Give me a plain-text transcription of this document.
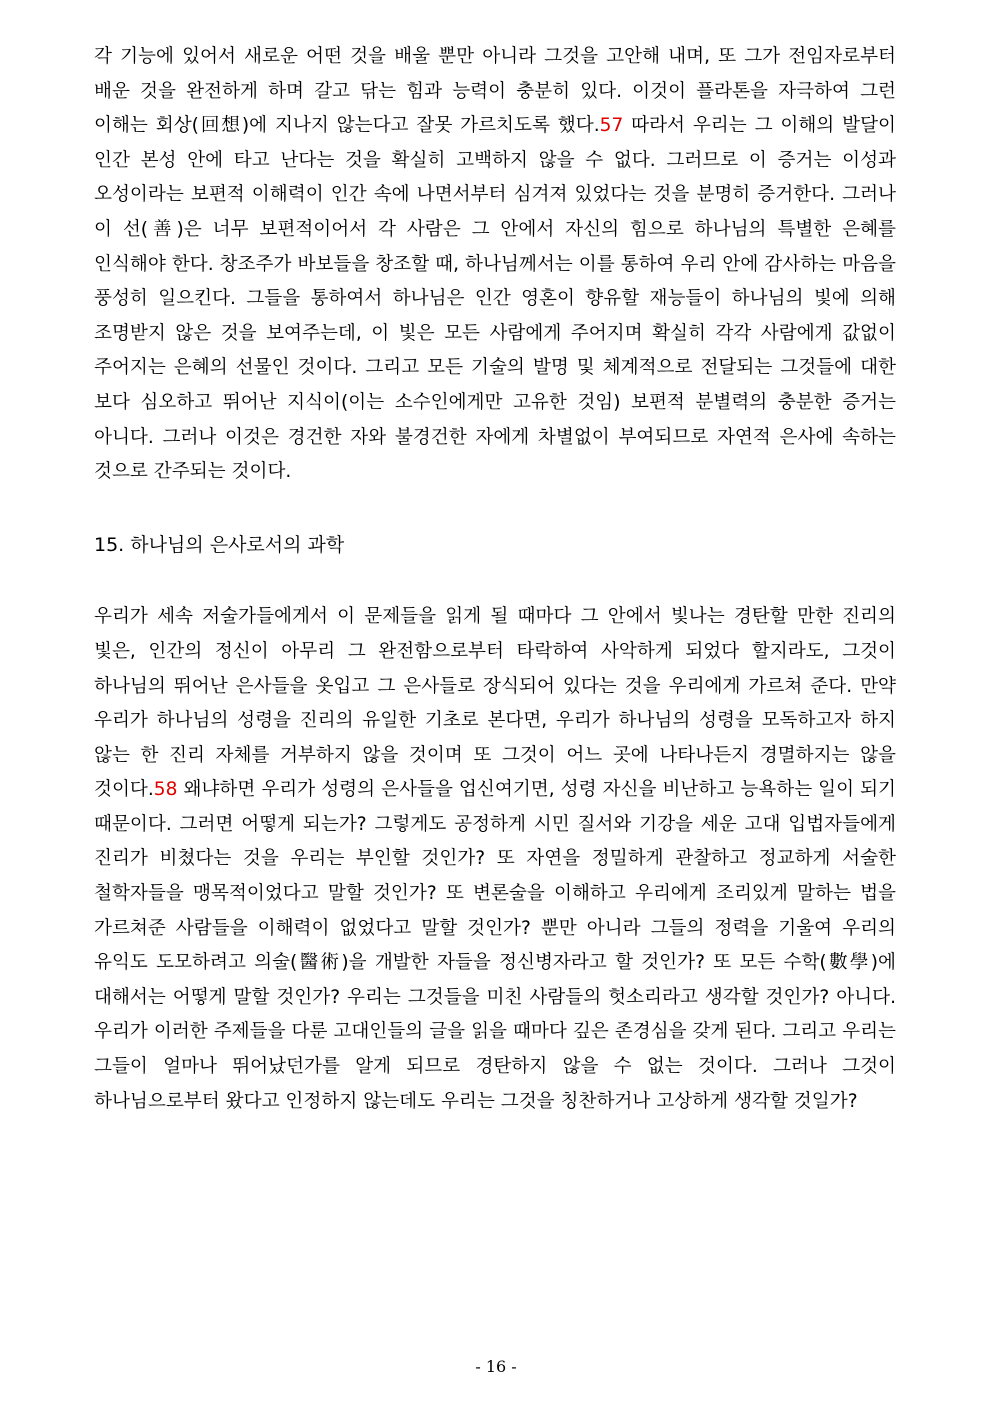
각 기능에 있어서 새로운 어떤 것을 배울 뿐만 아니라 그것을 고안해 내며, 또 그가 전임자로부터 배운 것을 완전하게 하며 갈고 닦는 힘과 능력이 충분히 있다. 이것이 플라톤을 자극하여 그런 이해는 회상(回想)에 지나지 않는다고 잘못 가르치도록 했다.57 따라서 우리는 그 이해의 발달이 인간 본성 안에 타고 난다는 것을 확실히 고백하지 않을 수 없다. 그러므로 이 증거는 이성과 오성이라는 보편적 이해력이 인간 속에 나면서부터 심겨져 있었다는 것을 분명히 증거한다. 그러나 이 선(善)은 너무 보편적이어서 각 사람은 그 안에서 자신의 힘으로 하나님의 특별한 은혜를 인식해야 한다. 창조주가 바보들을 창조할 때, 하나님께서는 이를 통하여 우리 안에 감사하는 마음을 풍성히 일으킨다. 그들을 통하여서 하나님은 인간 영혼이 향유할 재능들이 하나님의 빛에 의해 조명받지 않은 것을 보여주는데, 이 빛은 모든 사람에게 주어지며 확실히 각각 사람에게 값없이 주어지는 은혜의 선물인 것이다. 그리고 모든 기술의 발명 및 체계적으로 전달되는 그것들에 대한 보다 심오하고 뛰어난 지식이(이는 소수인에게만 고유한 것임) 보편적 분별력의 충분한 증거는 아니다. 그러나 이것은 경건한 자와 불경건한 자에게 차별없이 부여되므로 자연적 은사에 속하는 것으로 간주되는 것이다.

15. 하나님의 은사로서의 과학

우리가 세속 저술가들에게서 이 문제들을 읽게 될 때마다 그 안에서 빛나는 경탄할 만한 진리의 빛은, 인간의 정신이 아무리 그 완전함으로부터 타락하여 사악하게 되었다 할지라도, 그것이 하나님의 뛰어난 은사들을 옷입고 그 은사들로 장식되어 있다는 것을 우리에게 가르쳐 준다. 만약 우리가 하나님의 성령을 진리의 유일한 기초로 본다면, 우리가 하나님의 성령을 모독하고자 하지 않는 한 진리 자체를 거부하지 않을 것이며 또 그것이 어느 곳에 나타나든지 경멸하지는 않을 것이다.58 왜냐하면 우리가 성령의 은사들을 업신여기면, 성령 자신을 비난하고 능욕하는 일이 되기 때문이다. 그러면 어떻게 되는가? 그렇게도 공정하게 시민 질서와 기강을 세운 고대 입법자들에게 진리가 비쳤다는 것을 우리는 부인할 것인가? 또 자연을 정밀하게 관찰하고 정교하게 서술한 철학자들을 맹목적이었다고 말할 것인가? 또 변론술을 이해하고 우리에게 조리있게 말하는 법을 가르쳐준 사람들을 이해력이 없었다고 말할 것인가? 뿐만 아니라 그들의 정력을 기울여 우리의 유익도 도모하려고 의술(醫術)을 개발한 자들을 정신병자라고 할 것인가? 또 모든 수학(數學)에 대해서는 어떻게 말할 것인가? 우리는 그것들을 미친 사람들의 헛소리라고 생각할 것인가? 아니다. 우리가 이러한 주제들을 다룬 고대인들의 글을 읽을 때마다 깊은 존경심을 갖게 된다. 그리고 우리는 그들이 얼마나 뛰어났던가를 알게 되므로 경탄하지 않을 수 없는 것이다. 그러나 그것이 하나님으로부터 왔다고 인정하지 않는데도 우리는 그것을 칭찬하거나 고상하게 생각할 것일가?

- 16 -
